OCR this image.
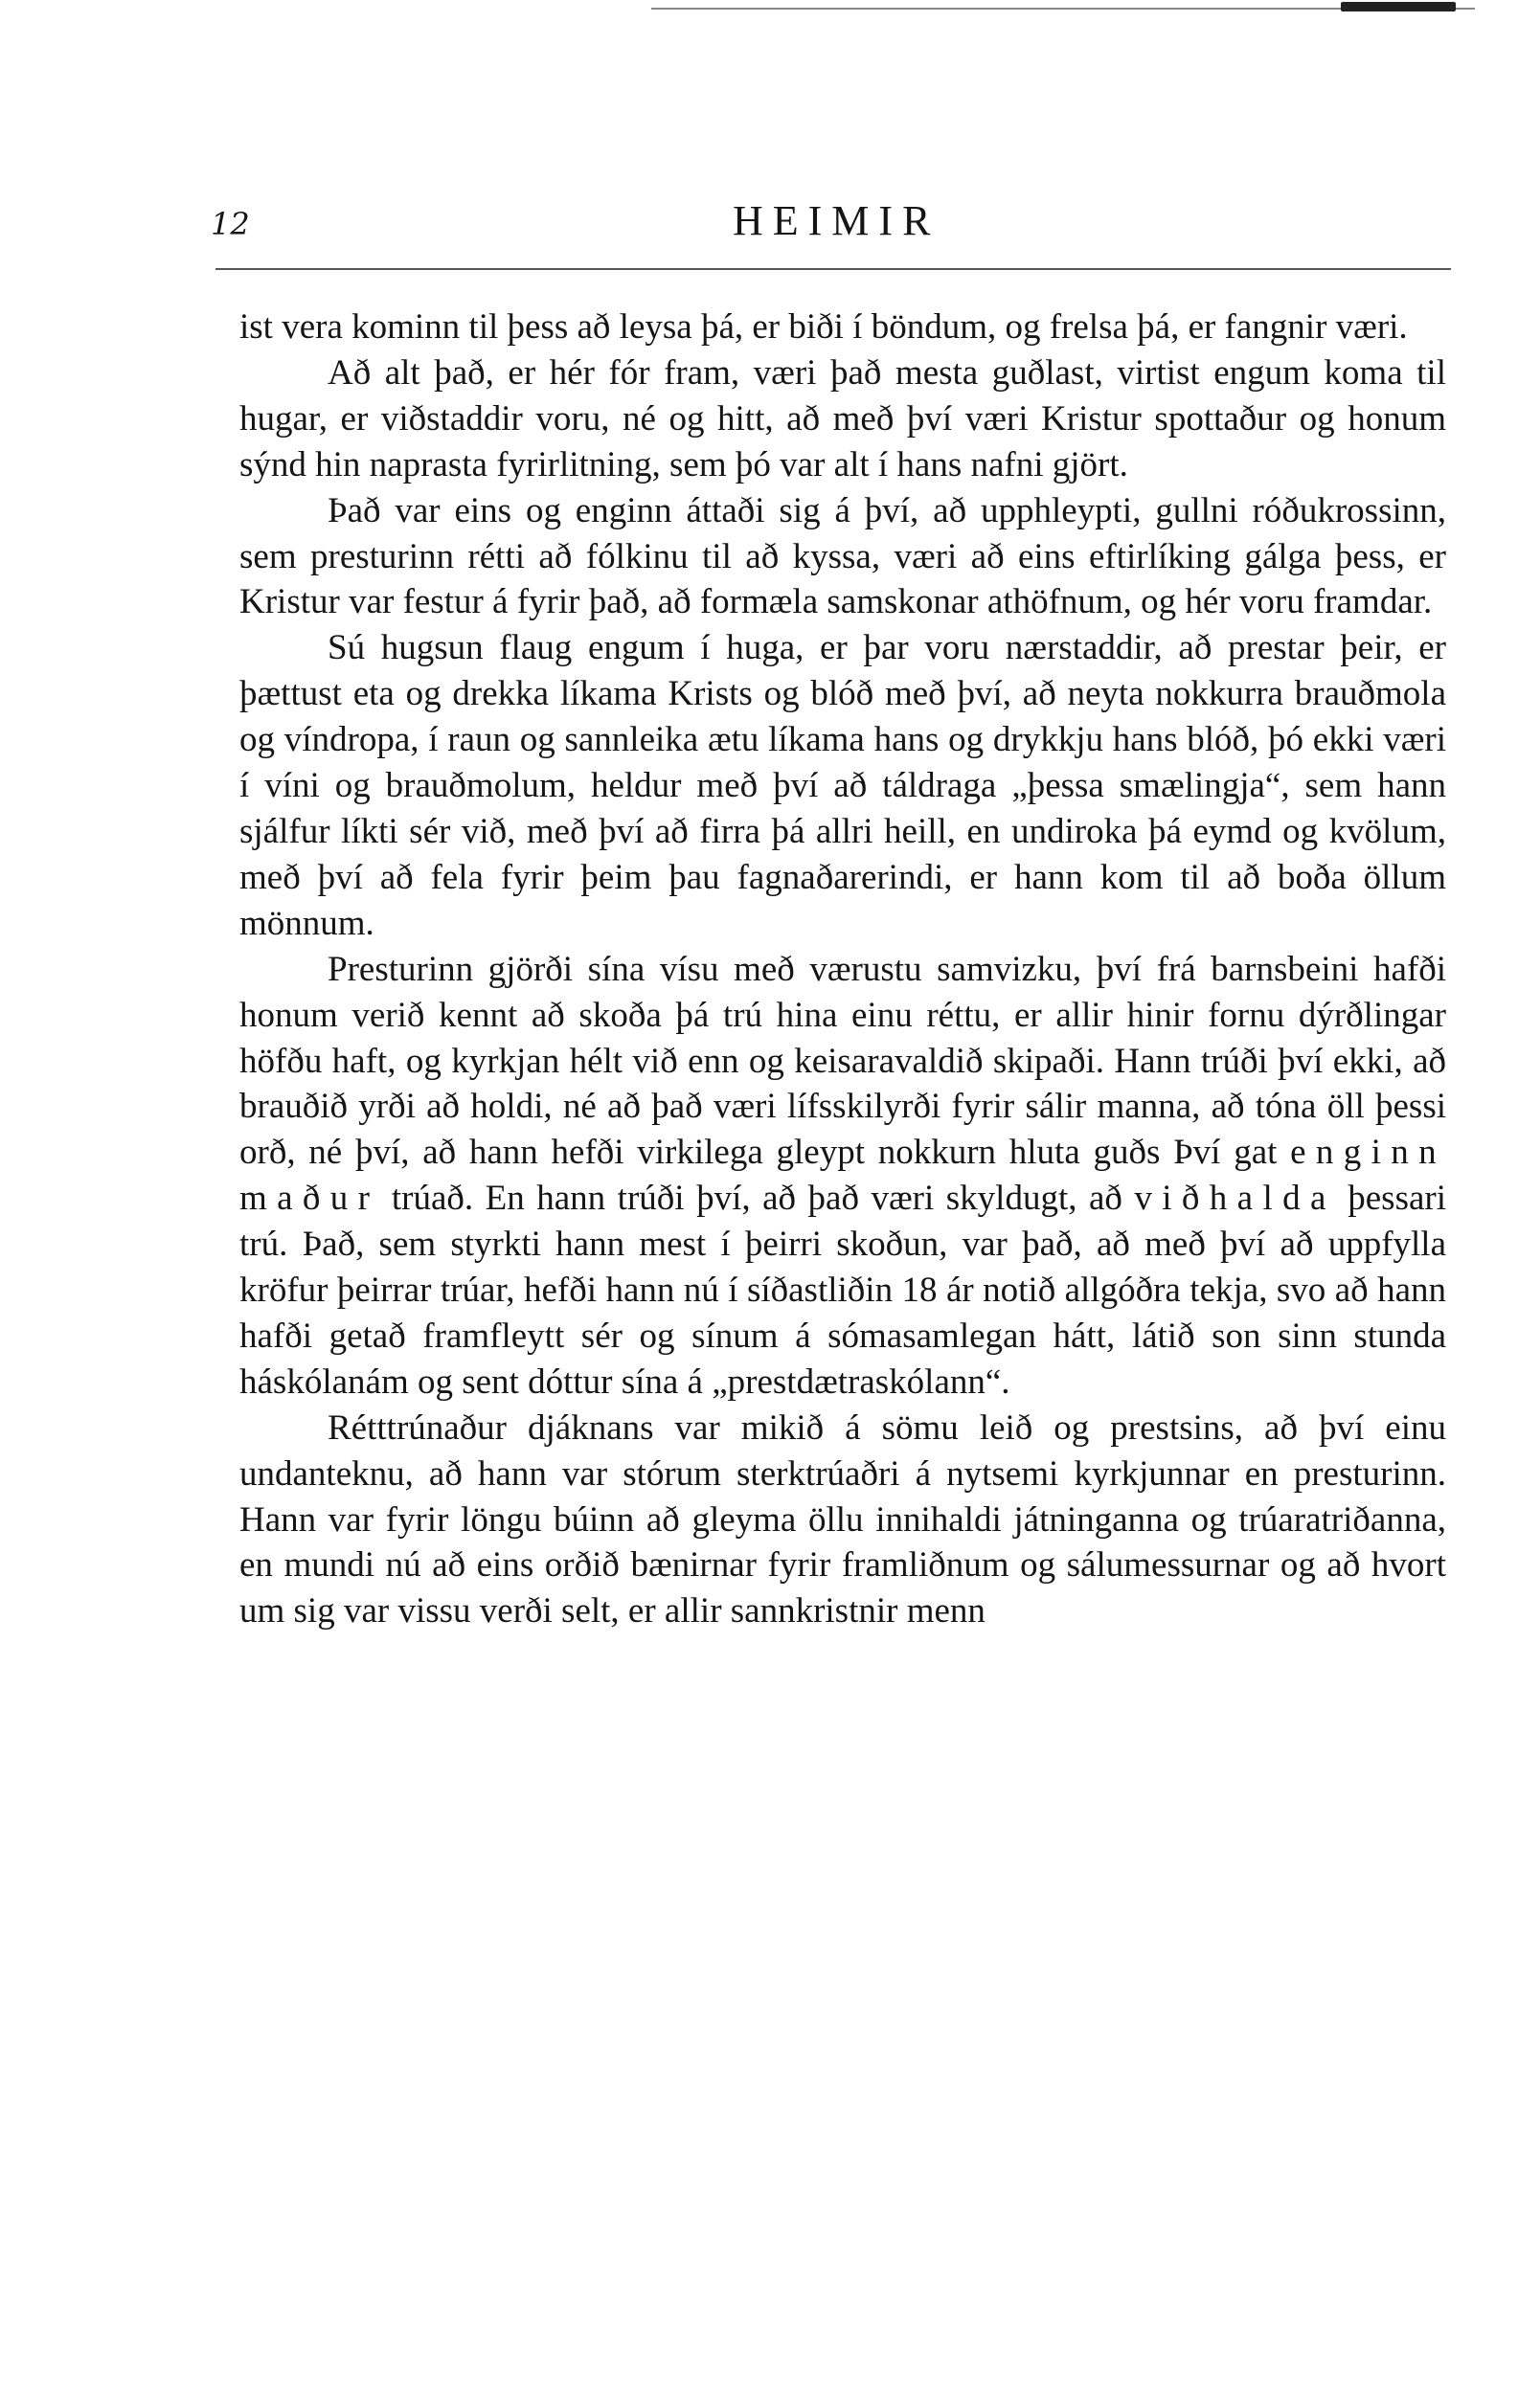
12	HEIMIR

ist vera kominn til þess að leysa þá, er biði í böndum, og frelsa þá, er fangnir væri.

Að alt það, er hér fór fram, væri það mesta guðlast, virtist engum koma til hugar, er viðstaddir voru, né og hitt, að með því væri Kristur spottaður og honum sýnd hin naprasta fyrirlitning, sem þó var alt í hans nafni gjört.

Það var eins og enginn áttaði sig á því, að upphleypti, gullni róðukrossinn, sem presturinn rétti að fólkinu til að kyssa, væri að eins eftirlíking gálga þess, er Kristur var festur á fyrir það, að formæla samskonar athöfnum, og hér voru framdar.

Sú hugsun flaug engum í huga, er þar voru nærstaddir, að prestar þeir, er þættust eta og drekka líkama Krists og blóð með því, að neyta nokkurra brauðmola og víndropa, í raun og sannleika ætu líkama hans og drykkju hans blóð, þó ekki væri í víni og brauðmolum, heldur með því að táldraga „þessa smælingja“, sem hann sjálfur líkti sér við, með því að firra þá allri heill, en undiroka þá eymd og kvölum, með því að fela fyrir þeim þau fagnaðarerindi, er hann kom til að boða öllum mönnum.

Presturinn gjörði sína vísu með værustu samvizku, því frá barnsbeini hafði honum verið kennt að skoða þá trú hina einu réttu, er allir hinir fornu dýrðlingar höfðu haft, og kyrkjan hélt við enn og keisaravaldið skipaði. Hann trúði því ekki, að brauðið yrði að holdi, né að það væri lífsskilyrði fyrir sálir manna, að tóna öll þessi orð, né því, að hann hefði virkilega gleypt nokkurn hluta guðs Því gat enginn maður trúað. En hann trúði því, að það væri skyldugt, að viðhalda þessari trú. Það, sem styrkti hann mest í þeirri skoðun, var það, að með því að uppfylla kröfur þeirrar trúar, hefði hann nú í síðastliðin 18 ár notið allgóðra tekja, svo að hann hafði getað framfleytt sér og sínum á sómasamlegan hátt, látið son sinn stunda háskólanám og sent dóttur sína á „prestdætraskólann“.

Rétttrúnaður djáknans var mikið á sömu leið og prestsins, að því einu undanteknu, að hann var stórum sterktrúaðri á nytsemi kyrkjunnar en presturinn. Hann var fyrir löngu búinn að gleyma öllu innihaldi játninganna og trúaratriðanna, en mundi nú að eins orðið bænirnar fyrir framliðnum og sálumessurnar og að hvort um sig var vissu verði selt, er allir sannkristnir menn
